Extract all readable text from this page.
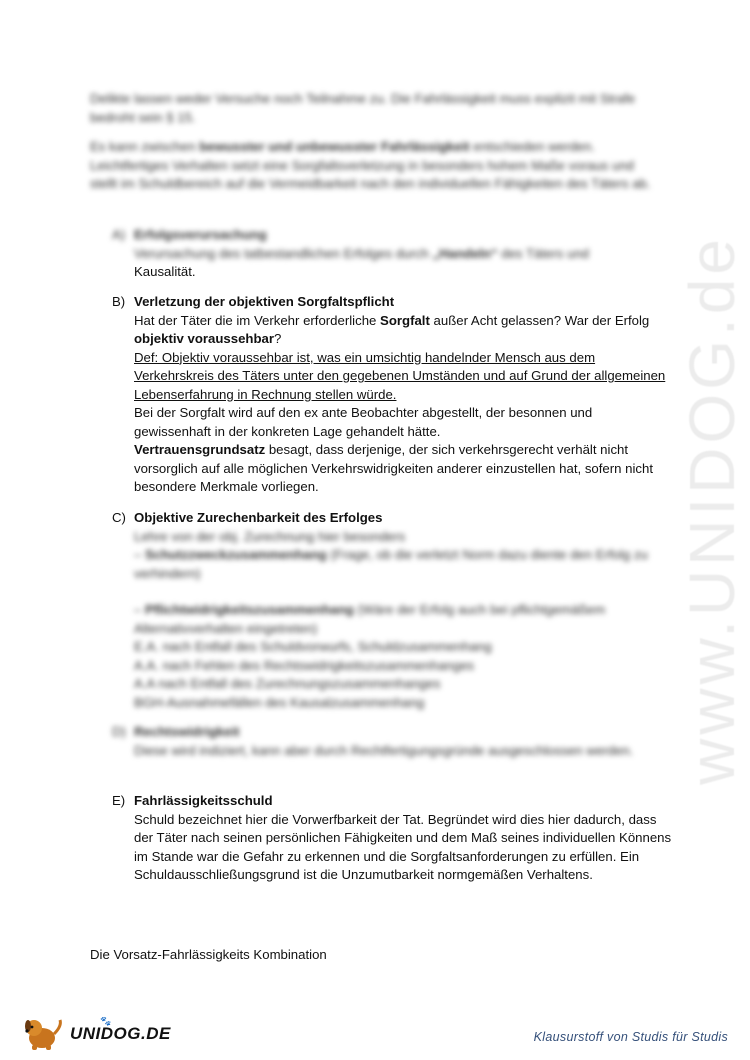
www.UNIDOG.de

Delikte lassen weder Versuche noch Teilnahme zu. Die Fahrlässigkeit muss explizit mit Strafe bedroht sein § 15.

Es kann zwischen bewusster und unbewusster Fahrlässigkeit entschieden werden. Leichtfertiges Verhalten setzt eine Sorgfaltsverletzung in besonders hohem Maße voraus und stellt im Schuldbereich auf die Vermeidbarkeit nach den individuellen Fähigkeiten des Täters ab.

A) Erfolgsverursachung
Verursachung des tatbestandlichen Erfolges durch „Handeln“ des Täters und
Kausalität.
B) Verletzung der objektiven Sorgfaltspflicht
Hat der Täter die im Verkehr erforderliche Sorgfalt außer Acht gelassen? War der Erfolg objektiv voraussehbar?
Def: Objektiv voraussehbar ist, was ein umsichtig handelnder Mensch aus dem Verkehrskreis des Täters unter den gegebenen Umständen und auf Grund der allgemeinen Lebenserfahrung in Rechnung stellen würde.
Bei der Sorgfalt wird auf den ex ante Beobachter abgestellt, der besonnen und gewissenhaft in der konkreten Lage gehandelt hätte.
Vertrauensgrundsatz besagt, dass derjenige, der sich verkehrsgerecht verhält nicht vorsorglich auf alle möglichen Verkehrswidrigkeiten anderer einzustellen hat, sofern nicht besondere Merkmale vorliegen.
C) Objektive Zurechenbarkeit des Erfolges
Lehre von der obj. Zurechnung hier besonders
– Schutzzweckzusammenhang (Frage, ob die verletzt Norm dazu diente den Erfolg zu verhindern)
– Pflichtwidrigkeitszusammenhang (Wäre der Erfolg auch bei pflichtgemäßem Alternativverhalten eingetreten)
E.A. nach Entfall des Schuldvorwurfs, Schuldzusammenhang
A.A. nach Fehlen des Rechtswidrigkeitszusammenhanges
A.A nach Entfall des Zurechnungszusammenhanges
BGH-Ausnahmefällen des Kausalzusammenhang
D) Rechtswidrigkeit
Diese wird indiziert, kann aber durch Rechtfertigungsgründe ausgeschlossen werden.
E) Fahrlässigkeitsschuld
Schuld bezeichnet hier die Vorwerfbarkeit der Tat. Begründet wird dies hier dadurch, dass der Täter nach seinen persönlichen Fähigkeiten und dem Maß seines individuellen Könnens im Stande war die Gefahr zu erkennen und die Sorgfaltsanforderungen zu erfüllen. Ein Schuldausschließungsgrund ist die Unzumutbarkeit normgemäßen Verhaltens.
Die Vorsatz-Fahrlässigkeits Kombination
🐾
UNIDOG.DE	Klausurstoff von Studis für Studis
